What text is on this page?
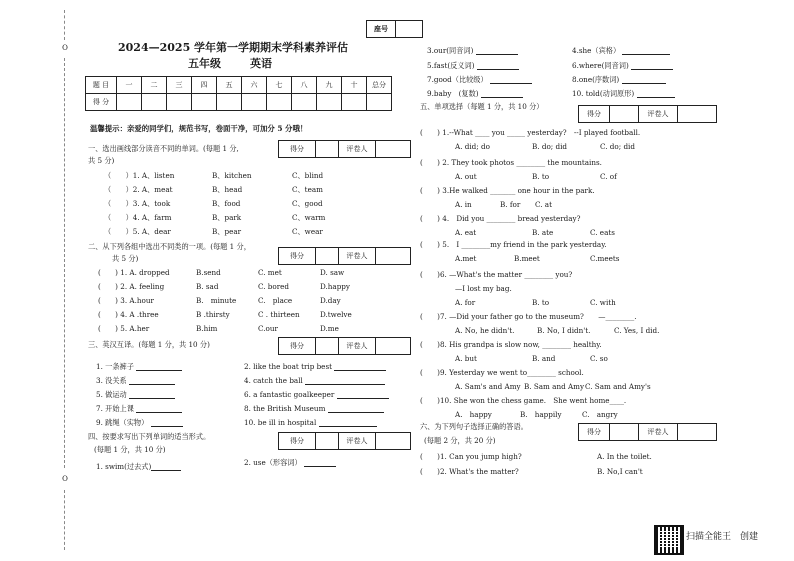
O
O
座号	
2024—2025 学年第一学期期末学科素养评估
五年级	英语
题 目	一	二	三	四	五	六	七	八	九	十	总分
得 分											
温馨提示：亲爱的同学们，规范书写，卷面干净，可加分 5 分哦！
一、选出画线部分读音不同的单词。(每题 1 分,
共 5 分)
得分		评卷人	
（　　）1. A、listen	B、kitchen	C、blind
（　　）2. A、meat	B、head	C、team
（　　）3. A、took	B、food	C、good
（　　）4. A、farm	B、park	C、warm
（　　）5. A、dear	B、pear	C、wear
二、从下列各组中选出不同类的一项。(每题 1 分，
共 5 分)	得分		评卷人	
(　　) 1. A. dropped	B.send	C. met	D. saw
(　　) 2. A. feeling	B. sad	C. bored	D.happy
(　　) 3. A.hour	B.　minute	C.　place	D.day
(　　) 4. A .three	B .thirsty	C . thirteen	D.twelve
(　　) 5. A.her	B.him	C.our	D.me
三、英汉互译。(每题 1 分，共 10 分)	得分		评卷人	
1. 一条裤子
3. 没关系
5. 做运动
7. 开始上课
9. 跳绳（实物）
2. like the boat trip best
4. catch the ball
6. a fantastic goalkeeper
8. the British Museum
10. be ill in hospital
四、按要求写出下列单词的适当形式。
(每题 1 分，共 10 分)
得分		评卷人	
1. swim(过去式)	2. use（形容词）
3.our(同音词)	4.she（宾格）
5.fast(反义词)	6.where(同音词)
7.good（比较级）	8.one(序数词)
9.baby　(复数)	10. told(动词原形)
五、单项选择（每题 1 分，共 10 分）
得分		评卷人	
(　　) 1.--What ____ you _____ yesterday?　--I played football.
A. did; do	B. do; did	C. do; did
(　　) 2. They took photos ________ the mountains.
A. out	B. to	C. of
(　　) 3.He walked _______ one hour in the park.
A. in	B. for C. at
(　　) 4.　Did you ________ bread yesterday?
A. eat	B. ate	C. eats
(　　) 5.　I ________my friend in the park yesterday.
A.met	B.meet	C.meets
(　　)6. —What's the matter ________ you?
—I lost my bag.
A. for	B. to	C. with
(　　)7. —Did your father go to the museum?　　—________.
A. No, he didn't.	B. No, I didn't.	C. Yes, I did.
(　　)8. His grandpa is slow now, ________ healthy.
A. but	B. and	C. so
(　　)9. Yesterday we went to________ school.
A. Sam's and Amy B. Sam and Amy C. Sam and Amy's
(　　)10. She won the chess game.　She went home____.
A.　happy	B.　happily	C.　angry
六、为下列句子选择正确的答语。
(每题 2 分，共 20 分)
得分		评卷人	
(　　)1. Can you jump high?	A. In the toilet.
(　　)2. What's the matter?	B. No,I can't
扫描全能王　创建
